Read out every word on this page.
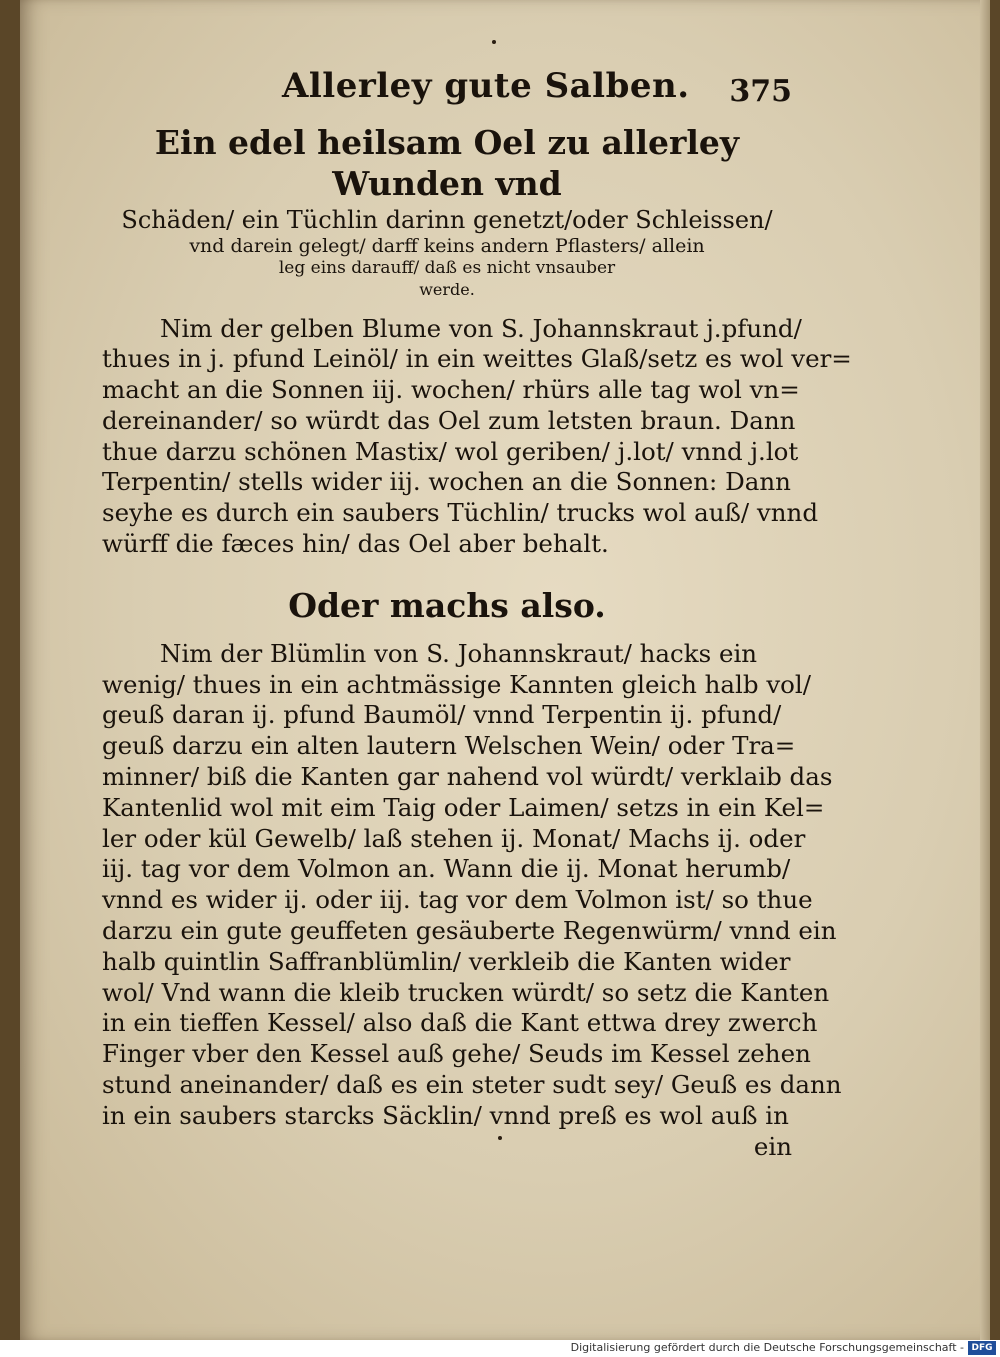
Allerley gute Salben. 375
Ein edel heilsam Oel zu allerley Wunden vnd
Schäden/ ein Tüchlin darinn genetzt/oder Schleissen/
vnd darein gelegt/ darff keins andern Pflasters/ allein
leg eins darauff/ daß es nicht vnsauber
werde.
Nim der gelben Blume von S. Johannskraut j.pfund/
thues in j. pfund Leinöl/ in ein weittes Glaß/setz es wol ver=
macht an die Sonnen iij. wochen/ rhürs alle tag wol vn=
dereinander/ so würdt das Oel zum letsten braun. Dann
thue darzu schönen Mastix/ wol geriben/ j.lot/ vnnd j.lot
Terpentin/ stells wider iij. wochen an die Sonnen: Dann
seyhe es durch ein saubers Tüchlin/ trucks wol auß/ vnnd
würff die fæces hin/ das Oel aber behalt.
Oder machs also.
Nim der Blümlin von S. Johannskraut/ hacks ein
wenig/ thues in ein achtmässige Kannten gleich halb vol/
geuß daran ij. pfund Baumöl/ vnnd Terpentin ij. pfund/
geuß darzu ein alten lautern Welschen Wein/ oder Tra=
minner/ biß die Kanten gar nahend vol würdt/ verklaib das
Kantenlid wol mit eim Taig oder Laimen/ setzs in ein Kel=
ler oder kül Gewelb/ laß stehen ij. Monat/ Machs ij. oder
iij. tag vor dem Volmon an. Wann die ij. Monat herumb/
vnnd es wider ij. oder iij. tag vor dem Volmon ist/ so thue
darzu ein gute geuffeten gesäuberte Regenwürm/ vnnd ein
halb quintlin Saffranblümlin/ verkleib die Kanten wider
wol/ Vnd wann die kleib trucken würdt/ so setz die Kanten
in ein tieffen Kessel/ also daß die Kant ettwa drey zwerch
Finger vber den Kessel auß gehe/ Seuds im Kessel zehen
stund aneinander/ daß es ein steter sudt sey/ Geuß es dann
in ein saubers starcks Säcklin/ vnnd preß es wol auß in
ein
Digitalisierung gefördert durch die Deutsche Forschungsgemeinschaft - DFG
